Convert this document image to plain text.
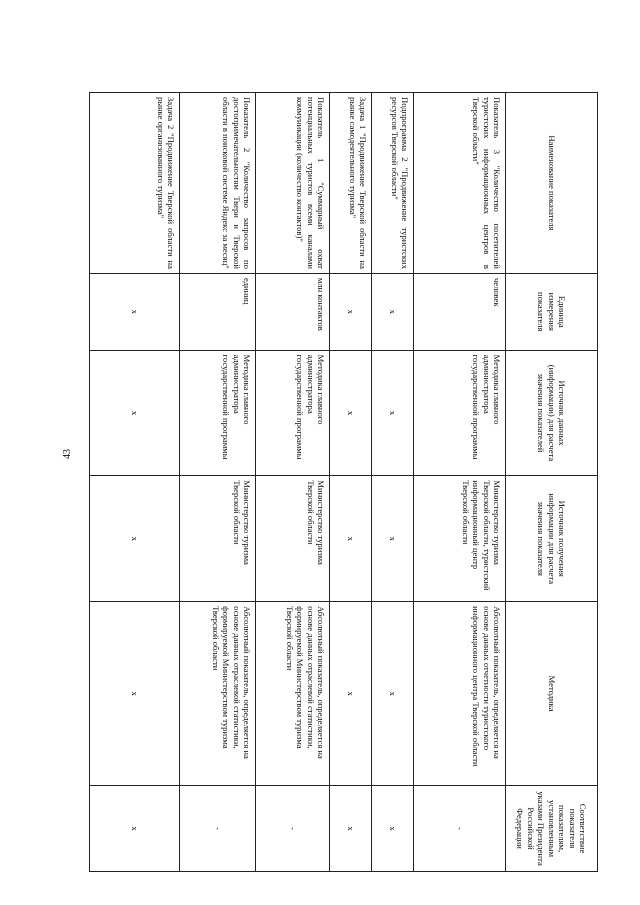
43
Наименование показателя	Единица измерения показателя	Источник данных (информации) для расчета значения показателей	Источник получения информации для расчета значения показателя	Методика	Соответствие показателя показателям, установленным указами Президента Российской Федерации
Показатель 3 "Количество посетителей туристских информационных центров в Тверской области"	человек	Методика главного администратора государственной программы	Министерство туризма Тверской области, туристский информационный центр Тверской области	Абсолютный показатель, определяется на основе данных отчетности туристского информационного центра Тверской области	-
Подпрограмма 2 "Продвижение туристских ресурсов Тверской области"	х	х	х	х	х
Задача 1 "Продвижение Тверской области на рынке самодеятельного туризма"	х	х	х	х	х
Показатель 1 "Суммарный охват потенциальных туристов всеми каналами коммуникации (количество контактов)"	млн контактов	Методика главного администратора государственной программы	Министерство туризма Тверской области	Абсолютный показатель, определяется на основе данных отраслевой статистики, формируемой Министерством туризма Тверской области	-
Показатель 2 "Количество запросов по достопримечательностям Твери и Тверской области в поисковой системе Яндекс за месяц"	единиц	Методика главного администратора государственной программы	Министерство туризма Тверской области	Абсолютный показатель, определяется на основе данных отраслевой статистики, формируемой Министерством туризма Тверской области	-
Задача 2 "Продвижение Тверской области на рынке организованного туризма"	х	х	х	х	х
